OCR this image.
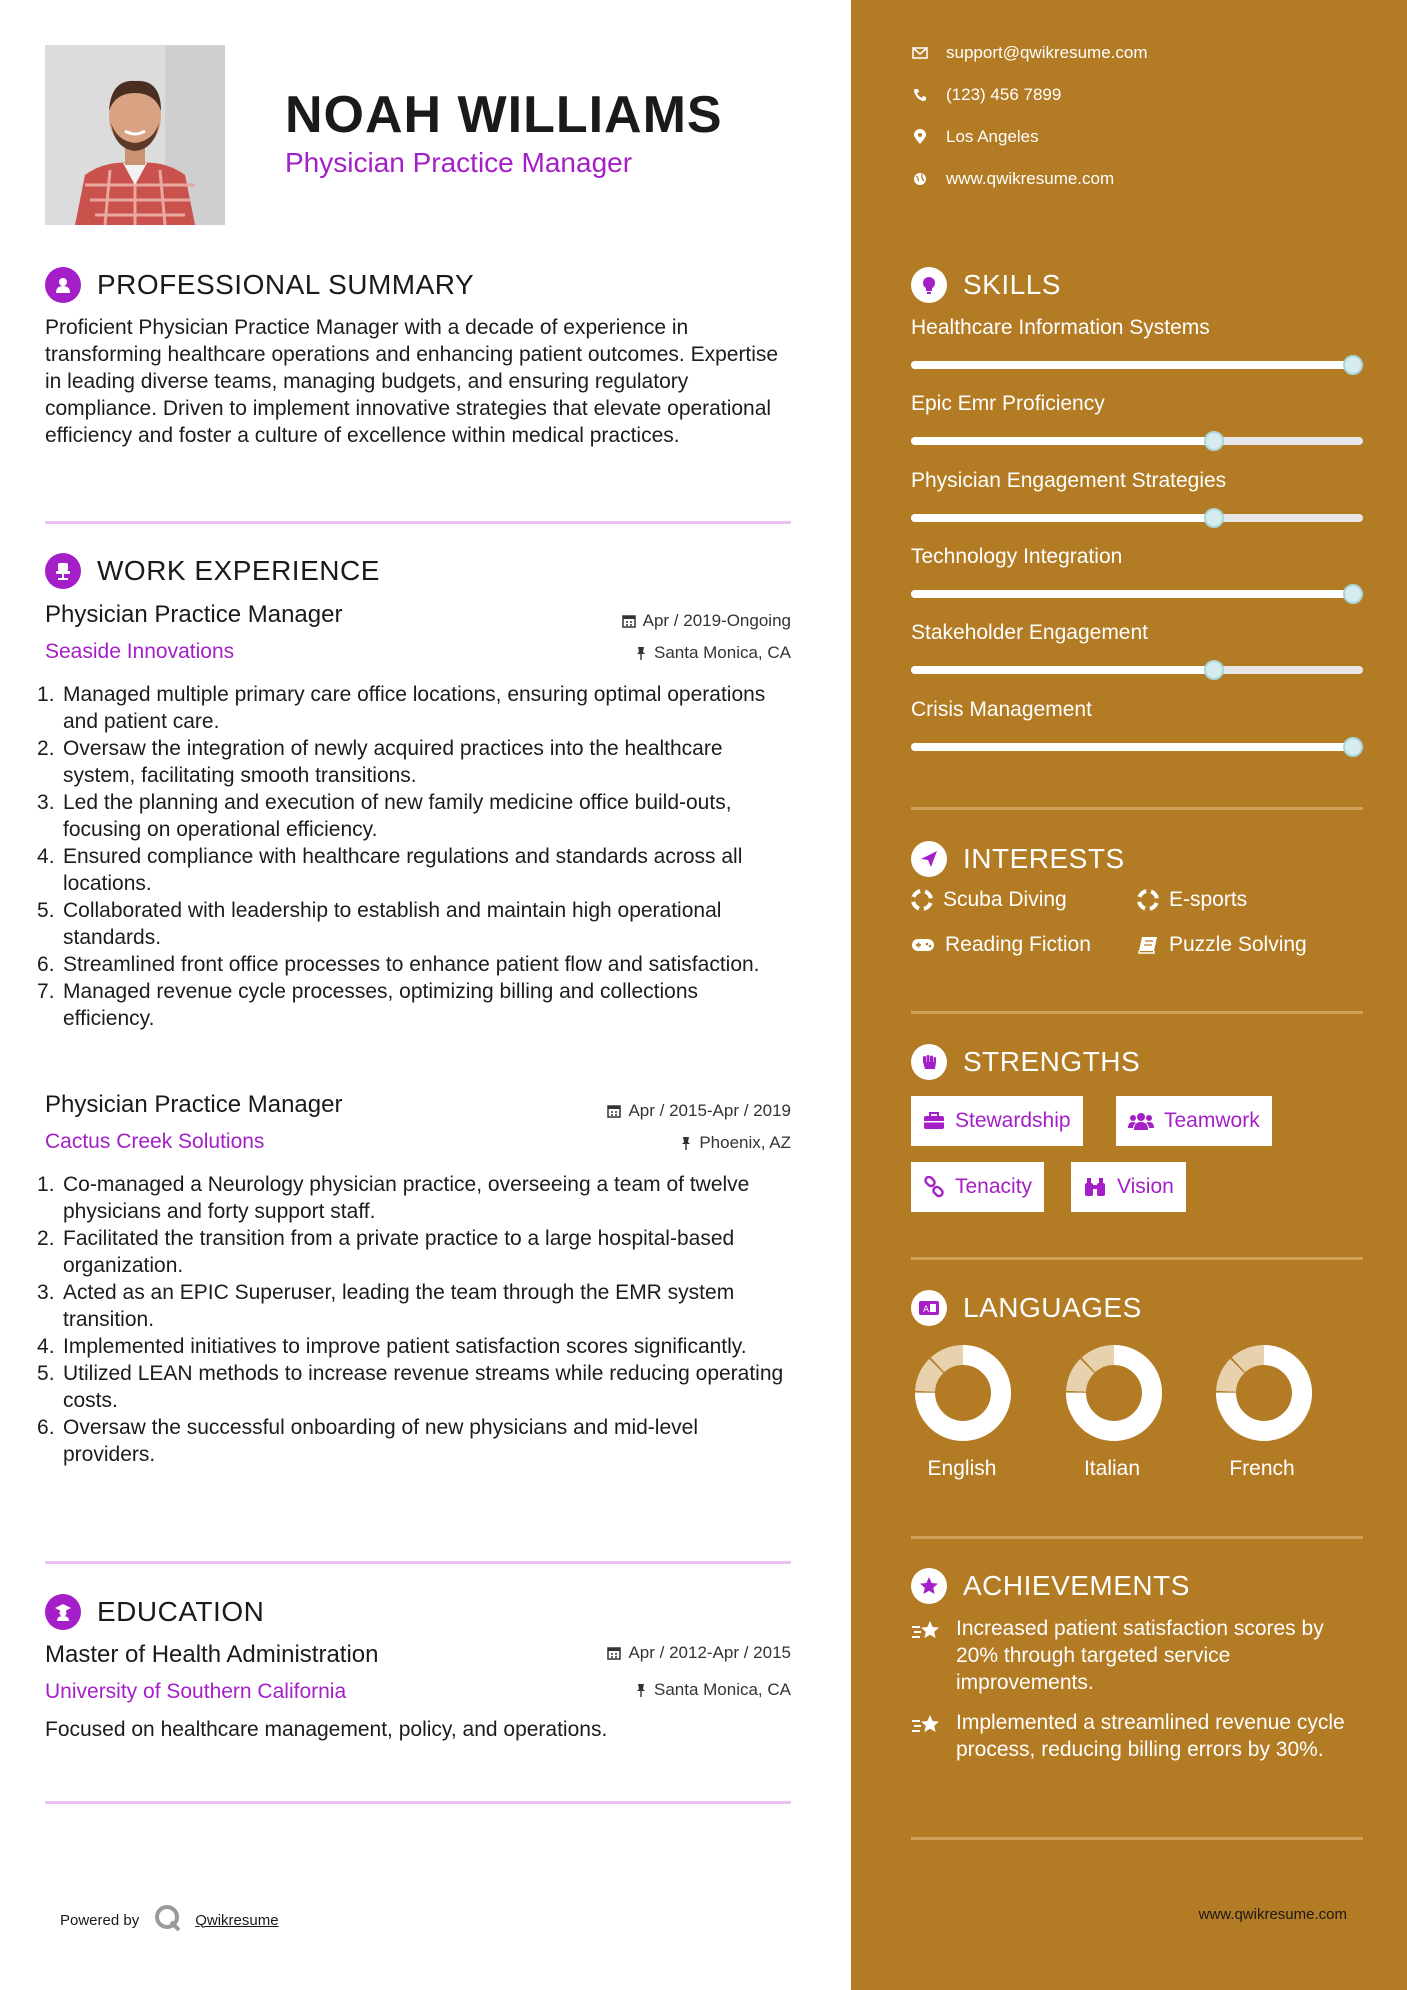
NOAH WILLIAMS
Physician Practice Manager
PROFESSIONAL SUMMARY
Proficient Physician Practice Manager with a decade of experience in transforming healthcare operations and enhancing patient outcomes. Expertise in leading diverse teams, managing budgets, and ensuring regulatory compliance. Driven to implement innovative strategies that elevate operational efficiency and foster a culture of excellence within medical practices.
WORK EXPERIENCE
Physician Practice Manager	Apr / 2019-Ongoing
Seaside Innovations	Santa Monica, CA
Managed multiple primary care office locations, ensuring optimal operations and patient care.
Oversaw the integration of newly acquired practices into the healthcare system, facilitating smooth transitions.
Led the planning and execution of new family medicine office build-outs, focusing on operational efficiency.
Ensured compliance with healthcare regulations and standards across all locations.
Collaborated with leadership to establish and maintain high operational standards.
Streamlined front office processes to enhance patient flow and satisfaction.
Managed revenue cycle processes, optimizing billing and collections efficiency.
Physician Practice Manager	Apr / 2015-Apr / 2019
Cactus Creek Solutions	Phoenix, AZ
Co-managed a Neurology physician practice, overseeing a team of twelve physicians and forty support staff.
Facilitated the transition from a private practice to a large hospital-based organization.
Acted as an EPIC Superuser, leading the team through the EMR system transition.
Implemented initiatives to improve patient satisfaction scores significantly.
Utilized LEAN methods to increase revenue streams while reducing operating costs.
Oversaw the successful onboarding of new physicians and mid-level providers.
EDUCATION
Master of Health Administration	Apr / 2012-Apr / 2015
University of Southern California	Santa Monica, CA
Focused on healthcare management, policy, and operations.
Powered by	Qwikresume
support@qwikresume.com
(123) 456 7899
Los Angeles
www.qwikresume.com
SKILLS
Healthcare Information Systems
Epic Emr Proficiency
Physician Engagement Strategies
Technology Integration
Stakeholder Engagement
Crisis Management
INTERESTS
Scuba Diving	E-sports
Reading Fiction	Puzzle Solving
STRENGTHS
Stewardship	Teamwork
Tenacity	Vision
A LANGUAGES
English	Italian	French
ACHIEVEMENTS
Increased patient satisfaction scores by 20% through targeted service improvements.
Implemented a streamlined revenue cycle process, reducing billing errors by 30%.
www.qwikresume.com
